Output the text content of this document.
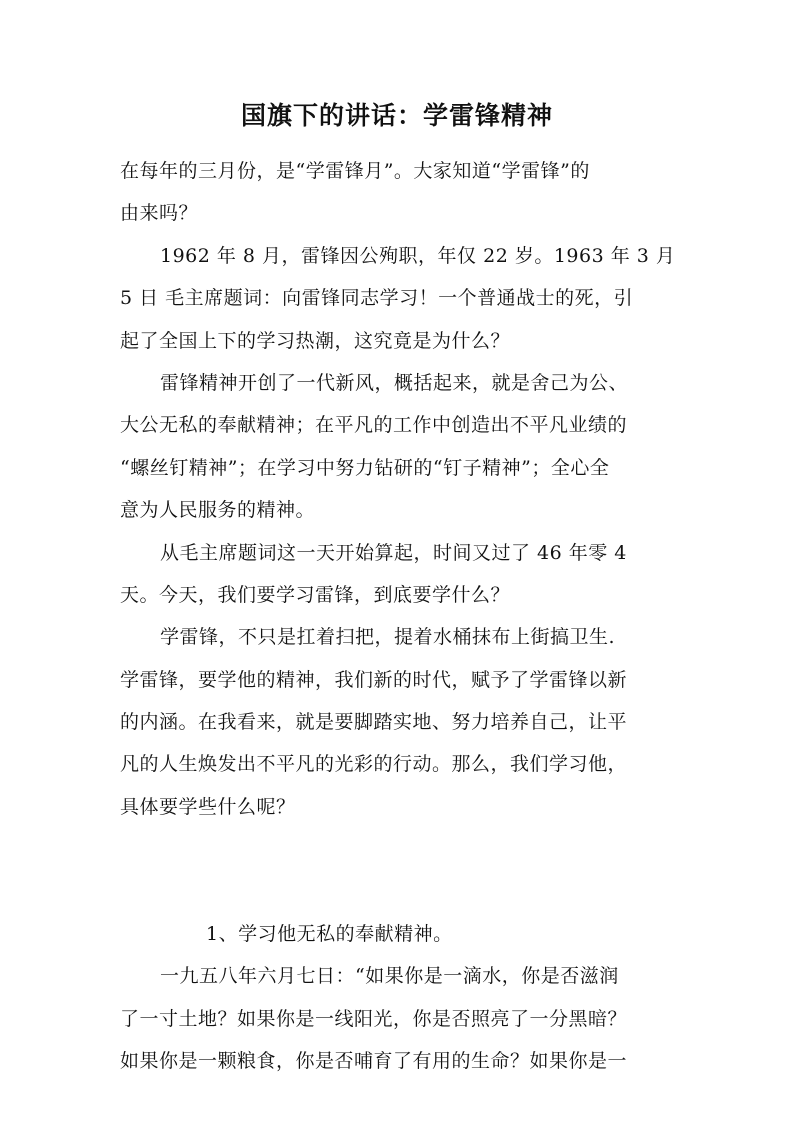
国旗下的讲话：学雷锋精神
在每年的三月份，是“学雷锋月”。大家知道“学雷锋”的
由来吗？
1962 年 8 月，雷锋因公殉职，年仅 22 岁。1963 年 3 月
5 日 毛主席题词：向雷锋同志学习！一个普通战士的死，引
起了全国上下的学习热潮，这究竟是为什么？
雷锋精神开创了一代新风，概括起来，就是舍己为公、
大公无私的奉献精神；在平凡的工作中创造出不平凡业绩的
“螺丝钉精神”；在学习中努力钻研的“钉子精神”；全心全
意为人民服务的精神。
从毛主席题词这一天开始算起，时间又过了 46 年零 4
天。今天，我们要学习雷锋，到底要学什么？
学雷锋，不只是扛着扫把，提着水桶抹布上街搞卫生.
学雷锋，要学他的精神，我们新的时代，赋予了学雷锋以新
的内涵。在我看来，就是要脚踏实地、努力培养自己，让平
凡的人生焕发出不平凡的光彩的行动。那么，我们学习他，
具体要学些什么呢？
1、学习他无私的奉献精神。
一九五八年六月七日：“如果你是一滴水，你是否滋润
了一寸土地？如果你是一线阳光，你是否照亮了一分黑暗？
如果你是一颗粮食，你是否哺育了有用的生命？如果你是一
